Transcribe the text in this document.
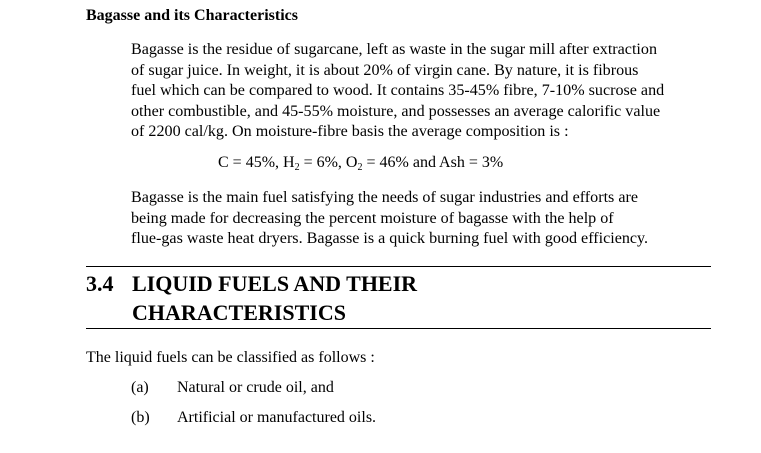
Bagasse and its Characteristics

Bagasse is the residue of sugarcane, left as waste in the sugar mill after extraction
of sugar juice. In weight, it is about 20% of virgin cane. By nature, it is fibrous
fuel which can be compared to wood. It contains 35-45% fibre, 7-10% sucrose and
other combustible, and 45-55% moisture, and possesses an average calorific value
of 2200 cal/kg. On moisture-fibre basis the average composition is :

C = 45%, $H_2 = 6\%$, $O_2 = 46\%$ and Ash = 3%

Bagasse is the main fuel satisfying the needs of sugar industries and efforts are
being made for decreasing the percent moisture of bagasse with the help of
flue-gas waste heat dryers. Bagasse is a quick burning fuel with good efficiency.

3.4 LIQUID FUELS AND THEIR
CHARACTERISTICS
The liquid fuels can be classified as follows :
(a) Natural or crude oil, and
(b) Artificial or manufactured oils.
